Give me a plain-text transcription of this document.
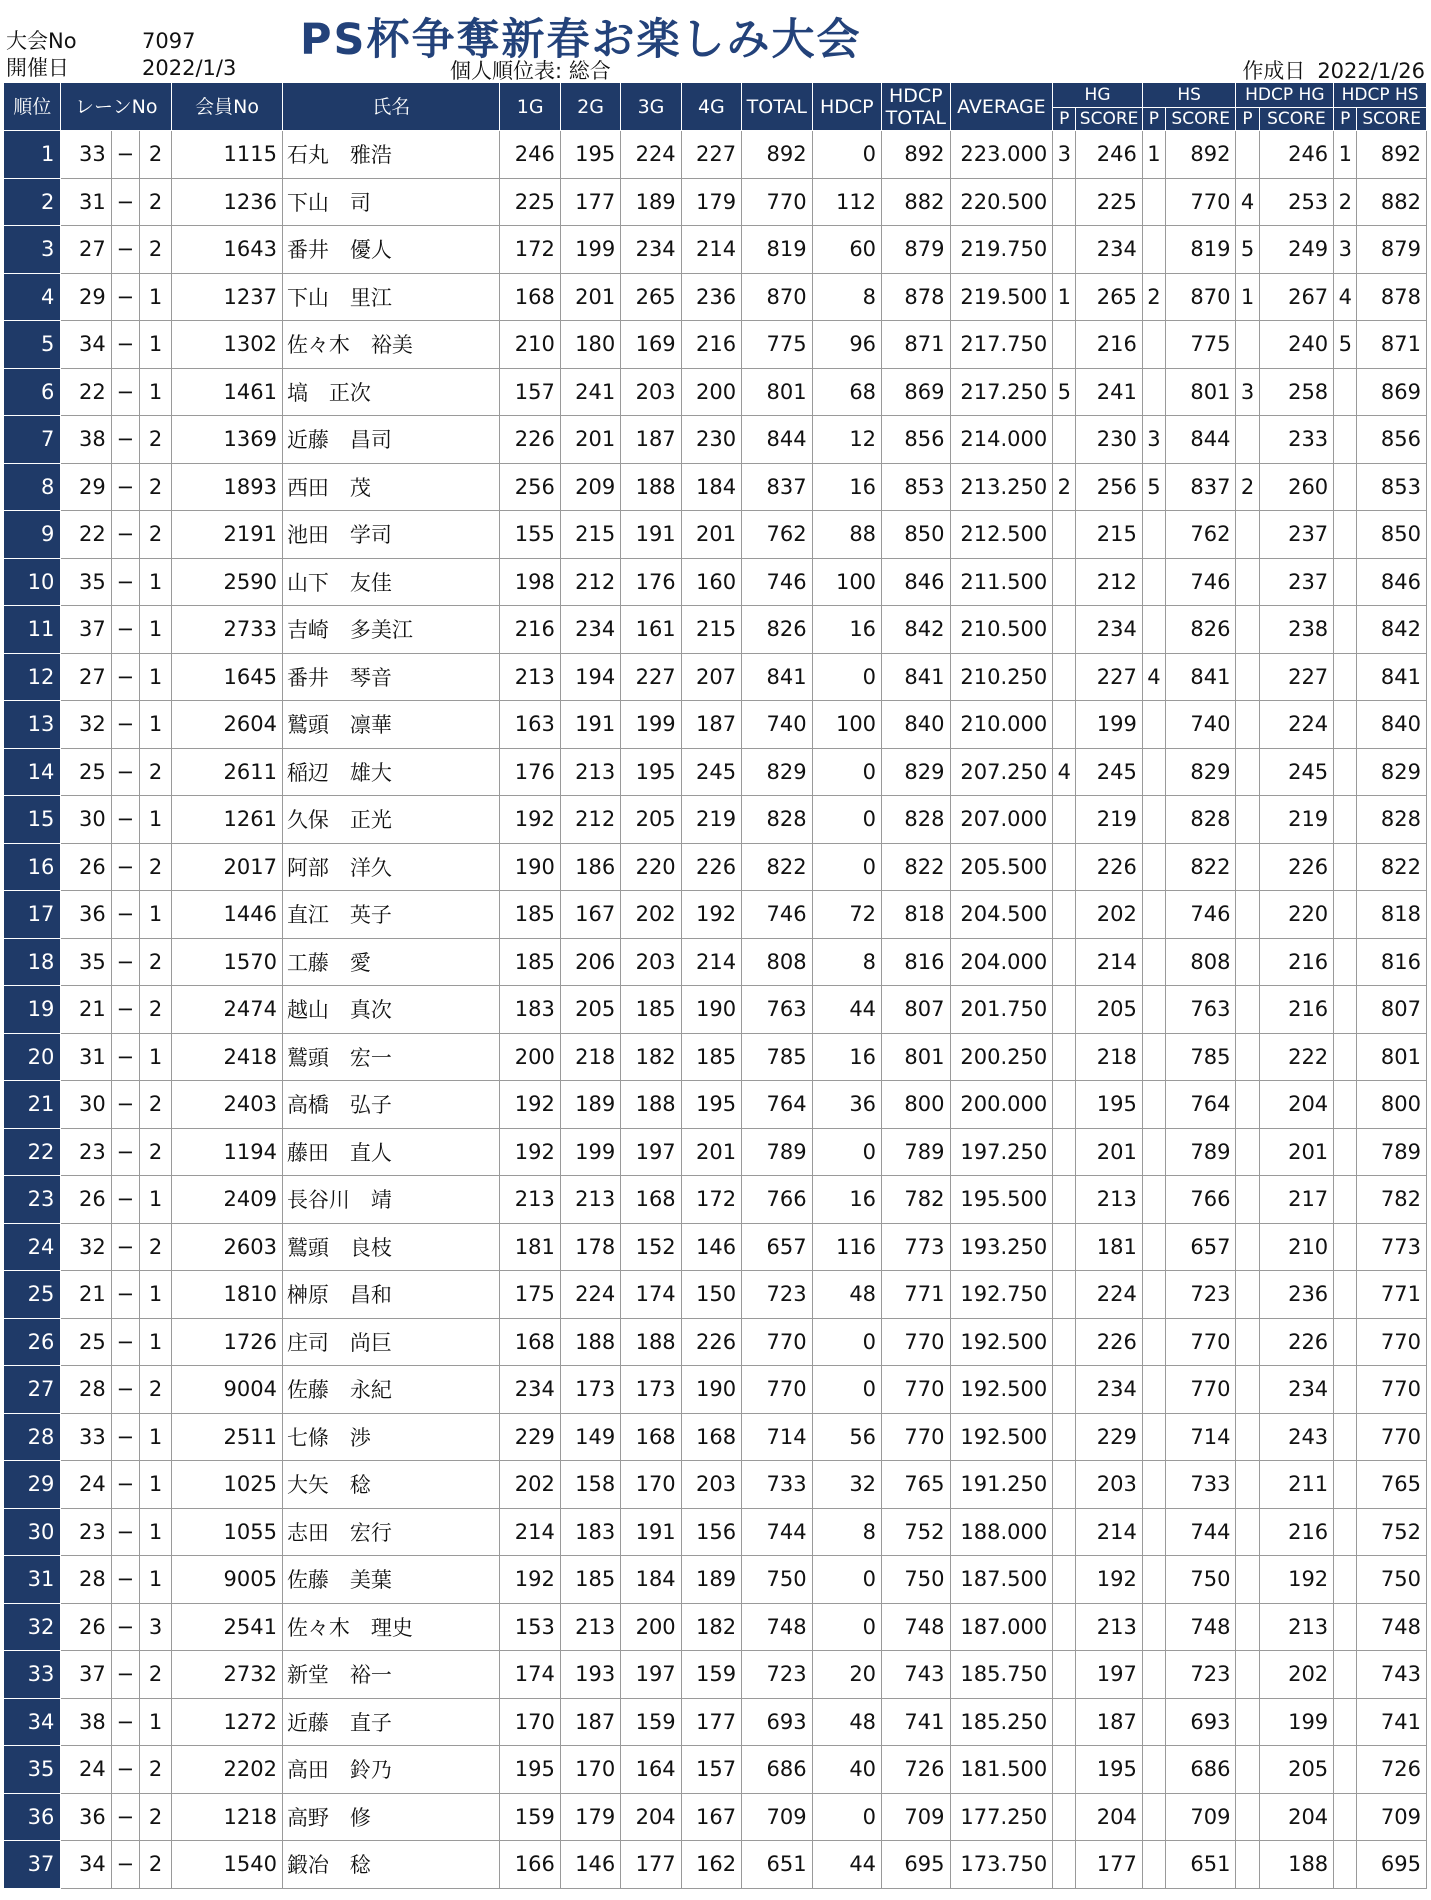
大会No	7097
開催日	2022/1/3
PS杯争奪新春お楽しみ大会
個人順位表: 総合	作成日 2022/1/26
順位	レーンNo			会員No	氏名	1G	2G	3G	4G	TOTAL	HDCP	HDCP
TOTAL	AVERAGE	HG		HS		HDCP HG		HDCP HS	
														P	SCORE	P	SCORE	P	SCORE	P	SCORE
1	33	−	2	1115	石丸　雅浩	246	195	224	227	892	0	892	223.000	3	246	1	892		246	1	892
2	31	−	2	1236	下山　司	225	177	189	179	770	112	882	220.500		225		770	4	253	2	882
3	27	−	2	1643	番井　優人	172	199	234	214	819	60	879	219.750		234		819	5	249	3	879
4	29	−	1	1237	下山　里江	168	201	265	236	870	8	878	219.500	1	265	2	870	1	267	4	878
5	34	−	1	1302	佐々木　裕美	210	180	169	216	775	96	871	217.750		216		775		240	5	871
6	22	−	1	1461	塙　正次	157	241	203	200	801	68	869	217.250	5	241		801	3	258		869
7	38	−	2	1369	近藤　昌司	226	201	187	230	844	12	856	214.000		230	3	844		233		856
8	29	−	2	1893	西田　茂	256	209	188	184	837	16	853	213.250	2	256	5	837	2	260		853
9	22	−	2	2191	池田　学司	155	215	191	201	762	88	850	212.500		215		762		237		850
10	35	−	1	2590	山下　友佳	198	212	176	160	746	100	846	211.500		212		746		237		846
11	37	−	1	2733	吉崎　多美江	216	234	161	215	826	16	842	210.500		234		826		238		842
12	27	−	1	1645	番井　琴音	213	194	227	207	841	0	841	210.250		227	4	841		227		841
13	32	−	1	2604	鷲頭　凛華	163	191	199	187	740	100	840	210.000		199		740		224		840
14	25	−	2	2611	稲辺　雄大	176	213	195	245	829	0	829	207.250	4	245		829		245		829
15	30	−	1	1261	久保　正光	192	212	205	219	828	0	828	207.000		219		828		219		828
16	26	−	2	2017	阿部　洋久	190	186	220	226	822	0	822	205.500		226		822		226		822
17	36	−	1	1446	直江　英子	185	167	202	192	746	72	818	204.500		202		746		220		818
18	35	−	2	1570	工藤　愛	185	206	203	214	808	8	816	204.000		214		808		216		816
19	21	−	2	2474	越山　真次	183	205	185	190	763	44	807	201.750		205		763		216		807
20	31	−	1	2418	鷲頭　宏一	200	218	182	185	785	16	801	200.250		218		785		222		801
21	30	−	2	2403	高橋　弘子	192	189	188	195	764	36	800	200.000		195		764		204		800
22	23	−	2	1194	藤田　直人	192	199	197	201	789	0	789	197.250		201		789		201		789
23	26	−	1	2409	長谷川　靖	213	213	168	172	766	16	782	195.500		213		766		217		782
24	32	−	2	2603	鷲頭　良枝	181	178	152	146	657	116	773	193.250		181		657		210		773
25	21	−	1	1810	榊原　昌和	175	224	174	150	723	48	771	192.750		224		723		236		771
26	25	−	1	1726	庄司　尚巨	168	188	188	226	770	0	770	192.500		226		770		226		770
27	28	−	2	9004	佐藤　永紀	234	173	173	190	770	0	770	192.500		234		770		234		770
28	33	−	1	2511	七條　渉	229	149	168	168	714	56	770	192.500		229		714		243		770
29	24	−	1	1025	大矢　稔	202	158	170	203	733	32	765	191.250		203		733		211		765
30	23	−	1	1055	志田　宏行	214	183	191	156	744	8	752	188.000		214		744		216		752
31	28	−	1	9005	佐藤　美葉	192	185	184	189	750	0	750	187.500		192		750		192		750
32	26	−	3	2541	佐々木　理史	153	213	200	182	748	0	748	187.000		213		748		213		748
33	37	−	2	2732	新堂　裕一	174	193	197	159	723	20	743	185.750		197		723		202		743
34	38	−	1	1272	近藤　直子	170	187	159	177	693	48	741	185.250		187		693		199		741
35	24	−	2	2202	高田　鈴乃	195	170	164	157	686	40	726	181.500		195		686		205		726
36	36	−	2	1218	高野　修	159	179	204	167	709	0	709	177.250		204		709		204		709
37	34	−	2	1540	鍛冶　稔	166	146	177	162	651	44	695	173.750		177		651		188		695
